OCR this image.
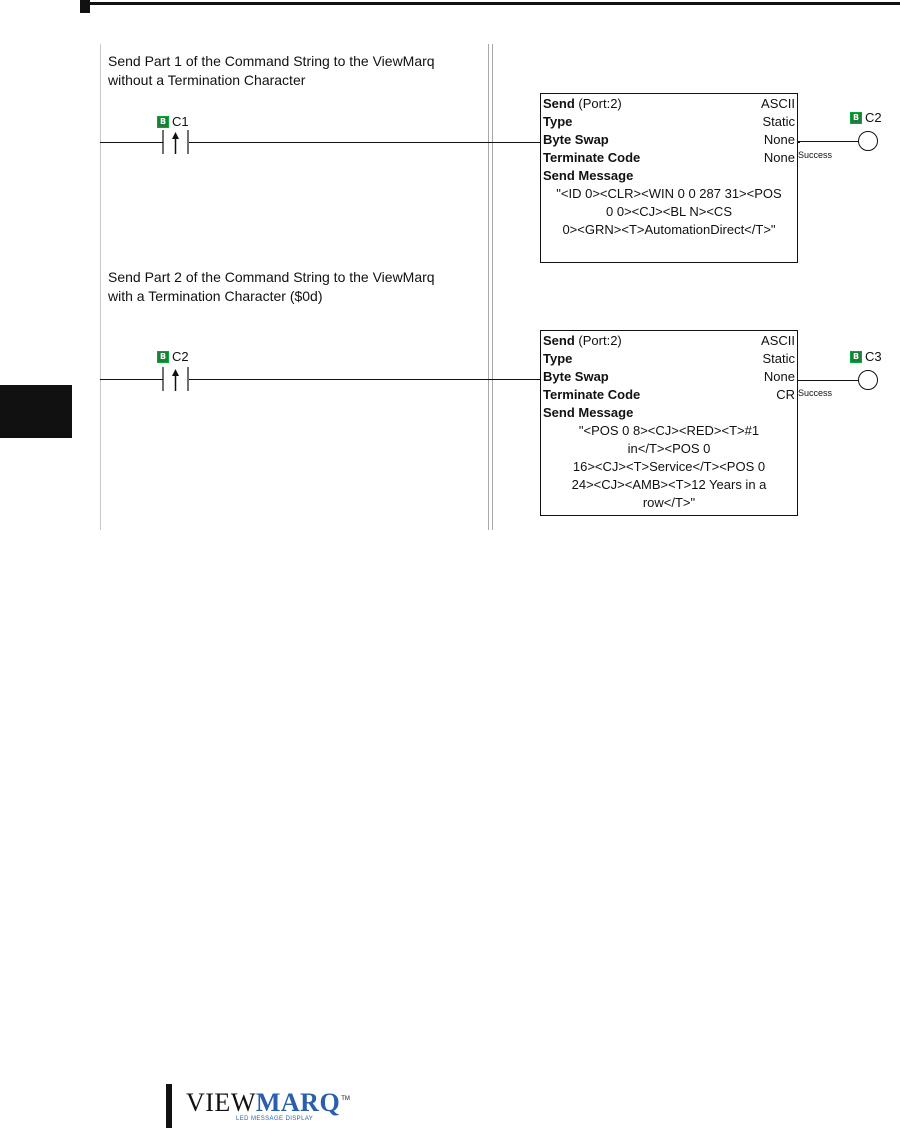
Send Part 1 of the Command String to the ViewMarq
without a Termination Character
B C1
Send (Port:2)	ASCII
Type	Static
Byte Swap	None
Terminate Code	None
Send Message
"<ID 0><CLR><WIN 0 0 287 31><POS
0 0><CJ><BL N><CS
0><GRN><T>AutomationDirect</T>"
Success
B C2
Send Part 2 of the Command String to the ViewMarq
with a Termination Character ($0d)
B C2
Send (Port:2)	ASCII
Type	Static
Byte Swap	None
Terminate Code	CR
Send Message
"<POS 0 8><CJ><RED><T>#1
in</T><POS 0
16><CJ><T>Service</T><POS 0
24><CJ><AMB><T>12 Years in a
row</T>"
Success
B C3
VIEW MARQ TM
LED MESSAGE DISPLAY
